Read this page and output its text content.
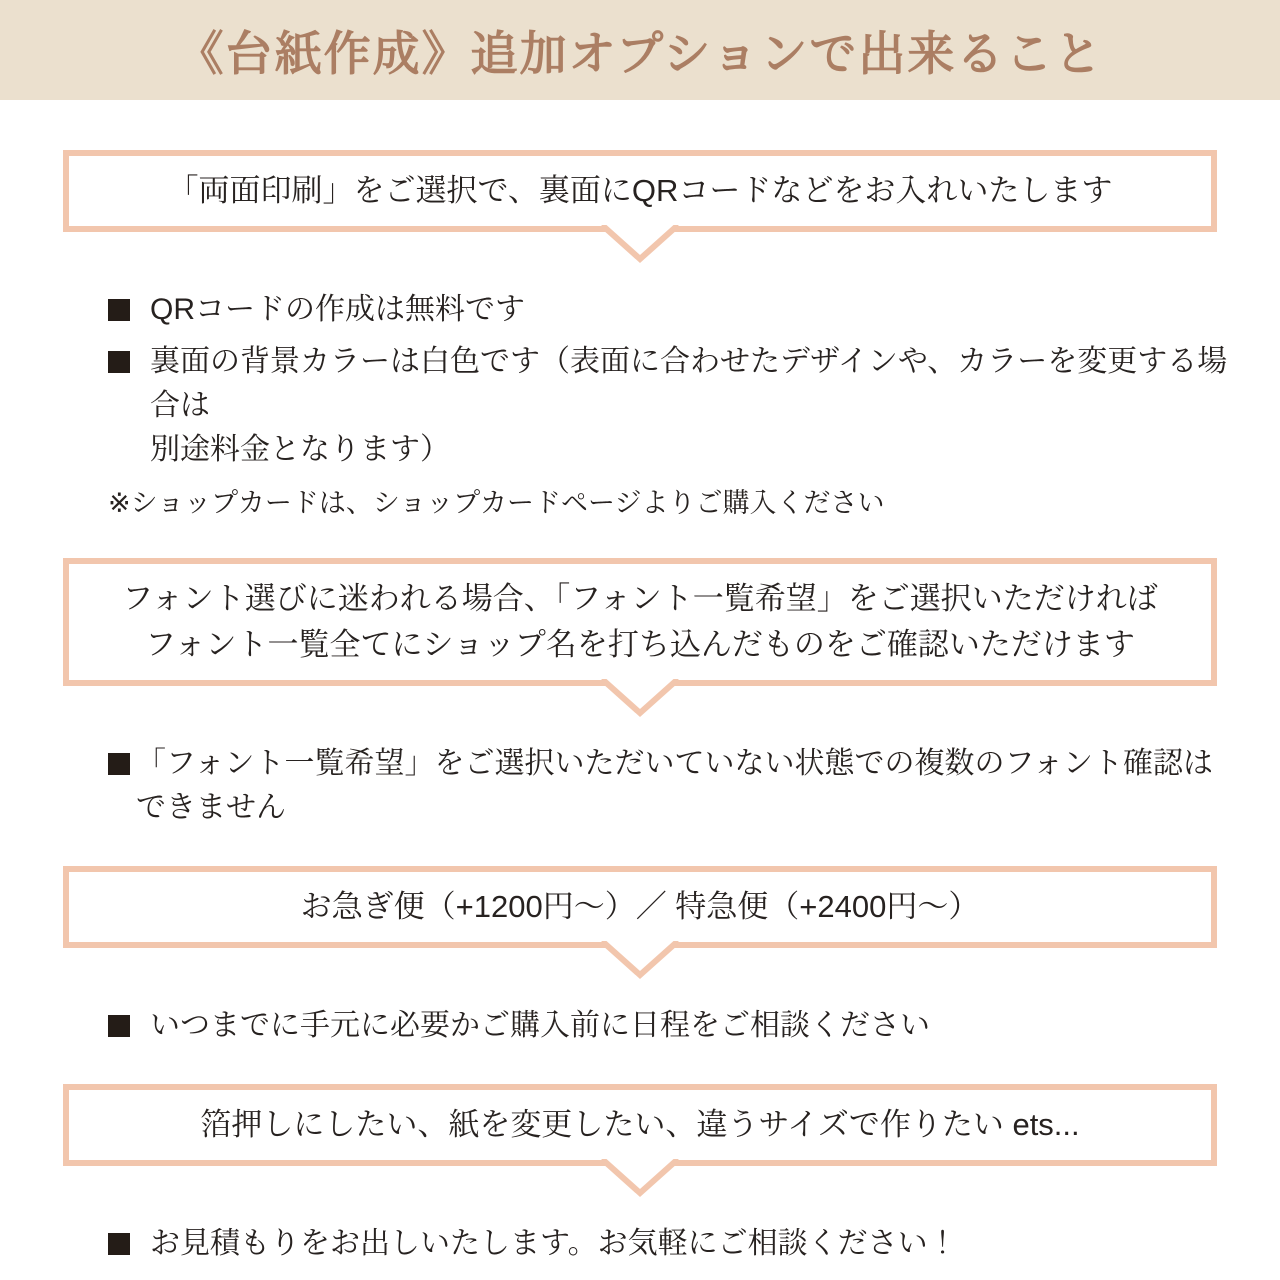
《台紙作成》追加オプションで出来ること
「両面印刷」をご選択で、裏面にQRコードなどをお入れいたします
QRコードの作成は無料です
裏面の背景カラーは白色です（表面に合わせたデザインや、カラーを変更する場合は
別途料金となります）
※ショップカードは、ショップカードページよりご購入ください
フォント選びに迷われる場合、「フォント一覧希望」をご選択いただければ
フォント一覧全てにショップ名を打ち込んだものをご確認いただけます
「フォント一覧希望」をご選択いただいていない状態での複数のフォント確認は
できません
お急ぎ便（+1200円〜）／ 特急便（+2400円〜）
いつまでに手元に必要かご購入前に日程をご相談ください
箔押しにしたい、紙を変更したい、違うサイズで作りたい ets...
お見積もりをお出しいたします。お気軽にご相談ください！
